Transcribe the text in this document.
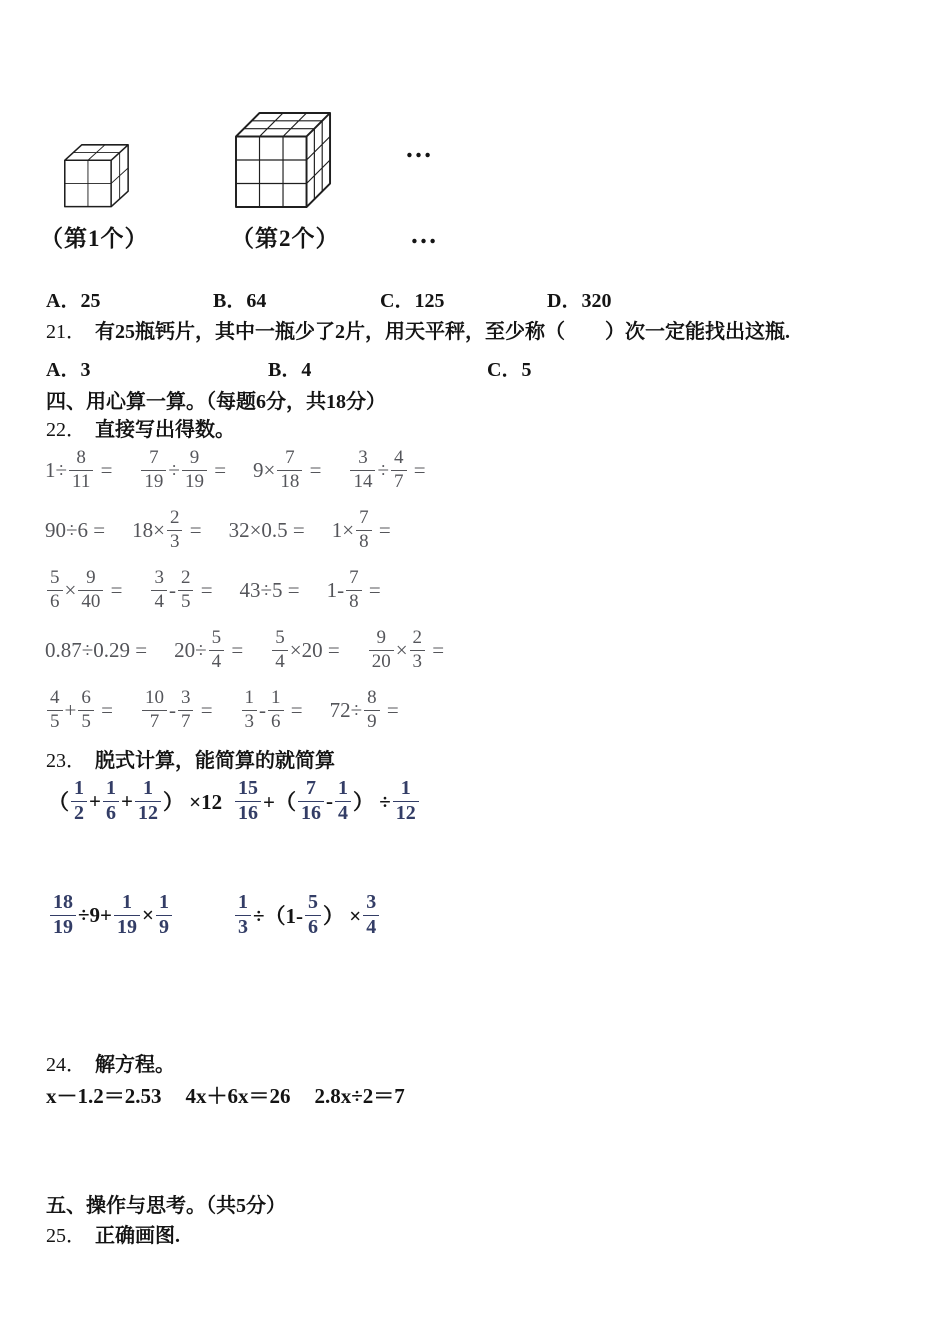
…
（第1个）	（第2个）	…
A．25	B．64	C．125	D．320
21． 有25瓶钙片，其中一瓶少了2片，用天平秤，至少称（　　）次一定能找出这瓶.
A．3	B．4	C．5
四、用心算一算。（每题6分，共18分）
22． 直接写出得数。
$1\div \frac{8}{11} = \frac{7}{19} \div \frac{9}{19} = 9\times \frac{7}{18} = \frac{3}{14} \div \frac{4}{7}$ =
$90\div 6 = 18\times \frac{2}{3} = 32\times 0.5 = 1\times \frac{7}{8}$ =
$\frac{5}{6} \times \frac{9}{40} = \frac{3}{4} - \frac{2}{5} = 43\div 5 = 1- \frac{7}{8}$ =
$0.87\div 0.29 = 20\div \frac{5}{4} = \frac{5}{4} \times 20 = \frac{9}{20} \times \frac{2}{3}$ =
$\frac{4}{5} + \frac{6}{5} = \frac{10}{7} - \frac{3}{7} = \frac{1}{3} - \frac{1}{6} = 72\div \frac{8}{9}$ =
23． 脱式计算，能简算的就简算
（ $\frac{1}{2} + \frac{1}{6} + \frac{1}{12}$ ） $\times 12 \frac{15}{16}$ +（ $\frac{7}{16} - \frac{1}{4}$ ） ÷ $\frac{1}{12}$
$\frac{18}{19} \div 9+ \frac{1}{19} \times \frac{1}{9}$	$\frac{1}{3} \div(1- \frac{5}{6}$ ） × $\frac{3}{4}$
24． 解方程。
x－1.2＝2.53 4x＋6x＝26 2.8x÷2＝7
五、操作与思考。（共5分）
25． 正确画图.
